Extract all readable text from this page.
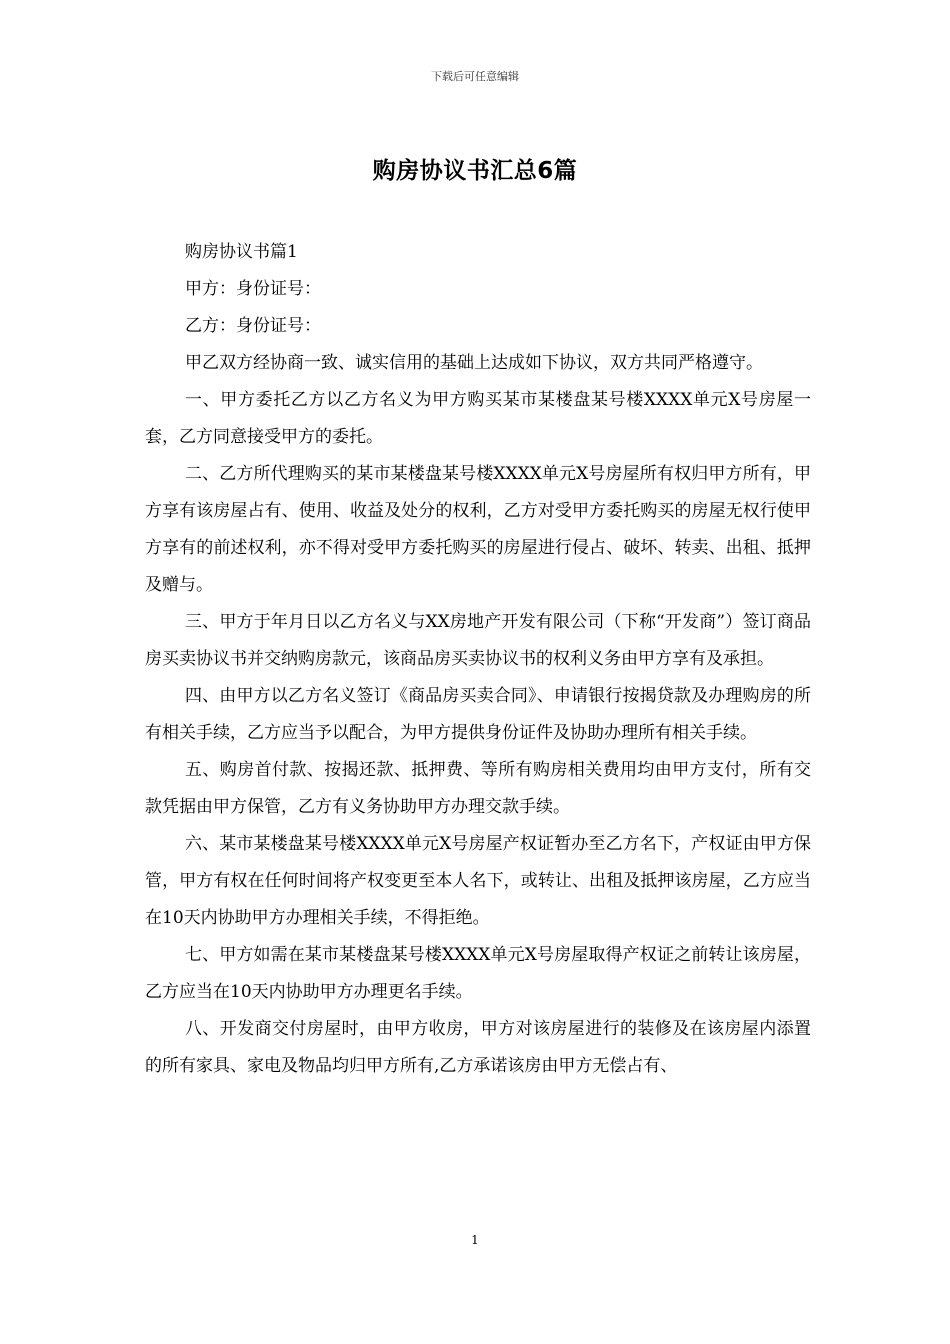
下载后可任意编辑
购房协议书汇总6篇

购房协议书篇1

甲方：身份证号：

乙方：身份证号：

甲乙双方经协商一致、诚实信用的基础上达成如下协议，双方共同严格遵守。

一、甲方委托乙方以乙方名义为甲方购买某市某楼盘某号楼XXXX单元X号房屋一套，乙方同意接受甲方的委托。

二、乙方所代理购买的某市某楼盘某号楼XXXX单元X号房屋所有权归甲方所有，甲方享有该房屋占有、使用、收益及处分的权利，乙方对受甲方委托购买的房屋无权行使甲方享有的前述权利，亦不得对受甲方委托购买的房屋进行侵占、破坏、转卖、出租、抵押及赠与。

三、甲方于年月日以乙方名义与XX房地产开发有限公司（下称“开发商”）签订商品房买卖协议书并交纳购房款元，该商品房买卖协议书的权利义务由甲方享有及承担。

四、由甲方以乙方名义签订《商品房买卖合同》、申请银行按揭贷款及办理购房的所有相关手续，乙方应当予以配合，为甲方提供身份证件及协助办理所有相关手续。

五、购房首付款、按揭还款、抵押费、等所有购房相关费用均由甲方支付，所有交款凭据由甲方保管，乙方有义务协助甲方办理交款手续。

六、某市某楼盘某号楼XXXX单元X号房屋产权证暂办至乙方名下，产权证由甲方保管，甲方有权在任何时间将产权变更至本人名下，或转让、出租及抵押该房屋，乙方应当在10天内协助甲方办理相关手续，不得拒绝。

七、甲方如需在某市某楼盘某号楼XXXX单元X号房屋取得产权证之前转让该房屋，乙方应当在10天内协助甲方办理更名手续。

八、开发商交付房屋时，由甲方收房，甲方对该房屋进行的装修及在该房屋内添置的所有家具、家电及物品均归甲方所有,乙方承诺该房由甲方无偿占有、

1
